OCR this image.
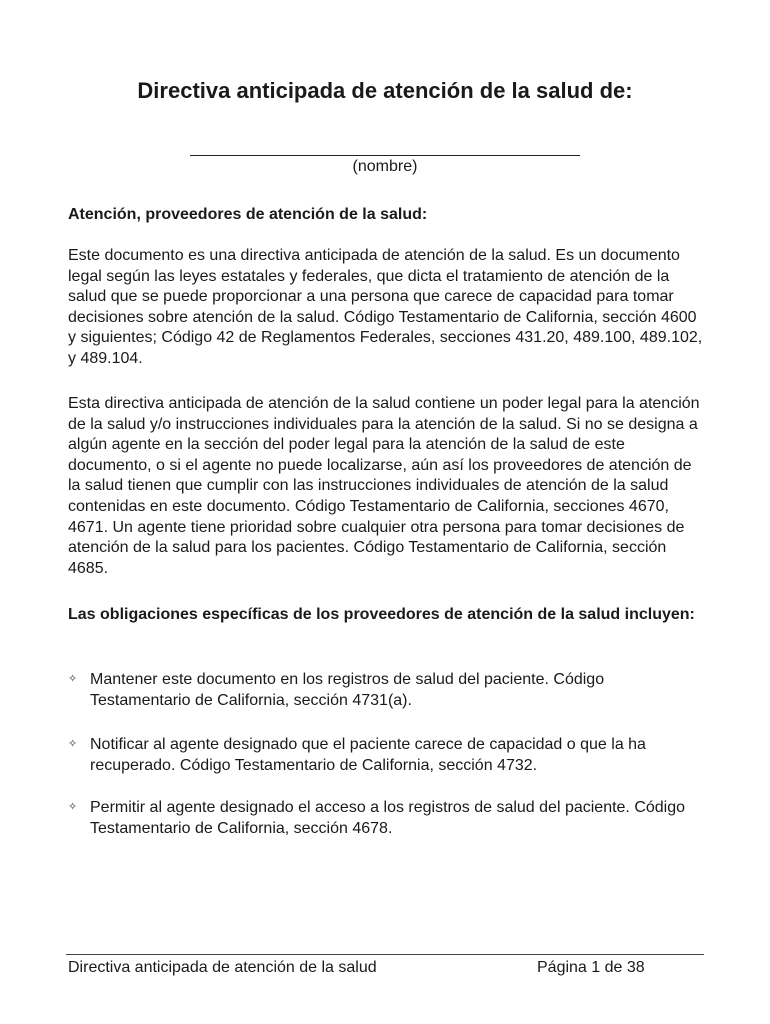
Directiva anticipada de atención de la salud de:
(nombre)

Atención, proveedores de atención de la salud:

Este documento es una directiva anticipada de atención de la salud. Es un documento legal según las leyes estatales y federales, que dicta el tratamiento de atención de la salud que se puede proporcionar a una persona que carece de capacidad para tomar decisiones sobre atención de la salud. Código Testamentario de California, sección 4600 y siguientes; Código 42 de Reglamentos Federales, secciones 431.20, 489.100, 489.102, y 489.104.

Esta directiva anticipada de atención de la salud contiene un poder legal para la atención de la salud y/o instrucciones individuales para la atención de la salud. Si no se designa a algún agente en la sección del poder legal para la atención de la salud de este documento, o si el agente no puede localizarse, aún así los proveedores de atención de la salud tienen que cumplir con las instrucciones individuales de atención de la salud contenidas en este documento. Código Testamentario de California, secciones 4670, 4671. Un agente tiene prioridad sobre cualquier otra persona para tomar decisiones de atención de la salud para los pacientes. Código Testamentario de California, sección 4685.

Las obligaciones específicas de los proveedores de atención de la salud incluyen:

✧ Mantener este documento en los registros de salud del paciente. Código Testamentario de California, sección 4731(a).
✧ Notificar al agente designado que el paciente carece de capacidad o que la ha recuperado. Código Testamentario de California, sección 4732.
✧ Permitir al agente designado el acceso a los registros de salud del paciente. Código Testamentario de California, sección 4678.
Directiva anticipada de atención de la salud	Página 1 de 38
